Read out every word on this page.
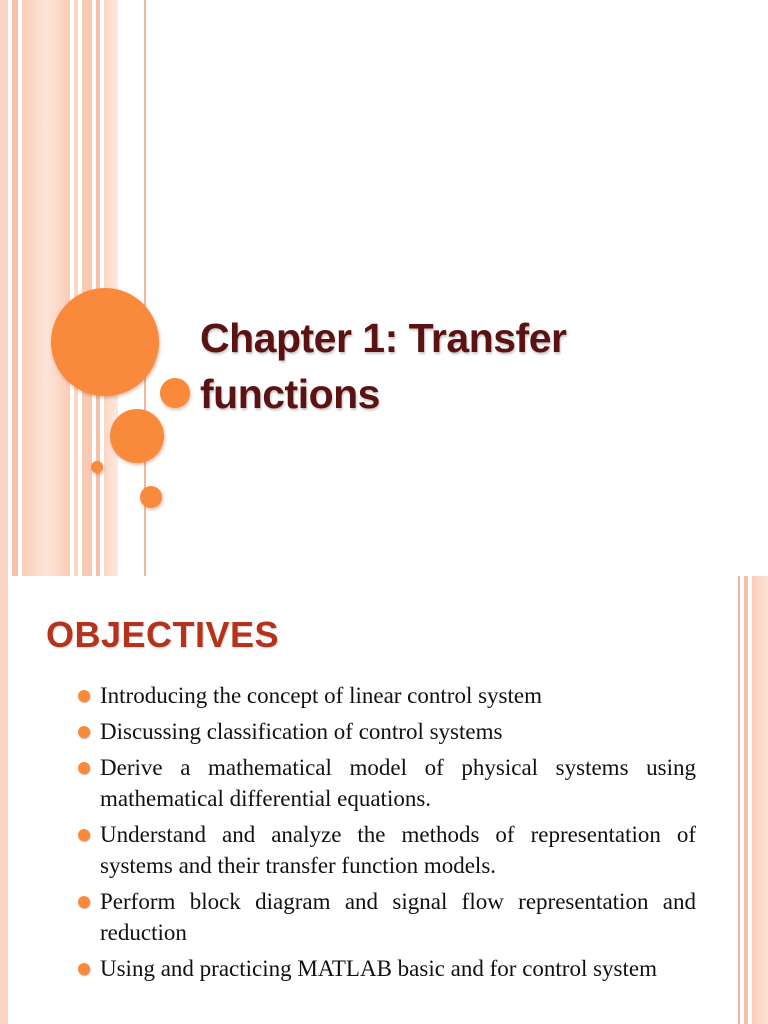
Chapter 1: Transfer
functions
OBJECTIVES
Introducing the concept of linear control system
Discussing classification of control systems
Derive a mathematical model of physical systems using mathematical differential equations.
Understand and analyze the methods of representation of systems and their transfer function models.
Perform block diagram and signal flow representation and reduction
Using and practicing MATLAB basic and for control system
